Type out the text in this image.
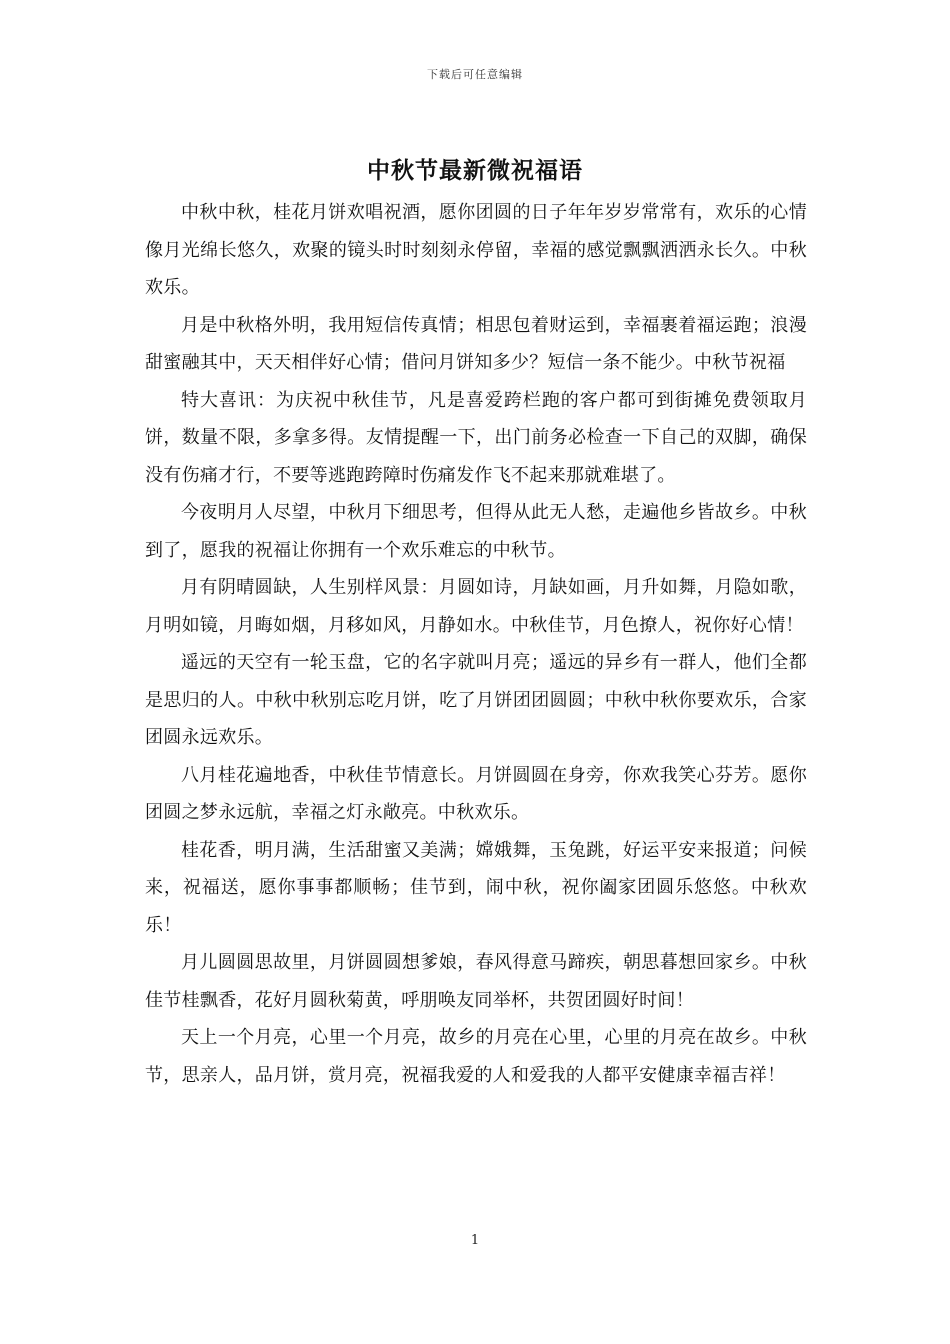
下载后可任意编辑
中秋节最新微祝福语

中秋中秋，桂花月饼欢唱祝酒，愿你团圆的日子年年岁岁常常有，欢乐的心情像月光绵长悠久，欢聚的镜头时时刻刻永停留，幸福的感觉飘飘洒洒永长久。中秋欢乐。

月是中秋格外明，我用短信传真情；相思包着财运到，幸福裹着福运跑；浪漫甜蜜融其中，天天相伴好心情；借问月饼知多少？短信一条不能少。中秋节祝福

特大喜讯：为庆祝中秋佳节，凡是喜爱跨栏跑的客户都可到街摊免费领取月饼，数量不限，多拿多得。友情提醒一下，出门前务必检查一下自己的双脚，确保没有伤痛才行，不要等逃跑跨障时伤痛发作飞不起来那就难堪了。

今夜明月人尽望，中秋月下细思考，但得从此无人愁，走遍他乡皆故乡。中秋到了，愿我的祝福让你拥有一个欢乐难忘的中秋节。

月有阴晴圆缺，人生别样风景：月圆如诗，月缺如画，月升如舞，月隐如歌，月明如镜，月晦如烟，月移如风，月静如水。中秋佳节，月色撩人，祝你好心情！

遥远的天空有一轮玉盘，它的名字就叫月亮；遥远的异乡有一群人，他们全都是思归的人。中秋中秋别忘吃月饼，吃了月饼团团圆圆；中秋中秋你要欢乐，合家团圆永远欢乐。

八月桂花遍地香，中秋佳节情意长。月饼圆圆在身旁，你欢我笑心芬芳。愿你团圆之梦永远航，幸福之灯永敞亮。中秋欢乐。

桂花香，明月满，生活甜蜜又美满；嫦娥舞，玉兔跳，好运平安来报道；问候来，祝福送，愿你事事都顺畅；佳节到，闹中秋，祝你阖家团圆乐悠悠。中秋欢乐！

月儿圆圆思故里，月饼圆圆想爹娘，春风得意马蹄疾，朝思暮想回家乡。中秋佳节桂飘香，花好月圆秋菊黄，呼朋唤友同举杯，共贺团圆好时间！

天上一个月亮，心里一个月亮，故乡的月亮在心里，心里的月亮在故乡。中秋节，思亲人，品月饼，赏月亮，祝福我爱的人和爱我的人都平安健康幸福吉祥！

1
